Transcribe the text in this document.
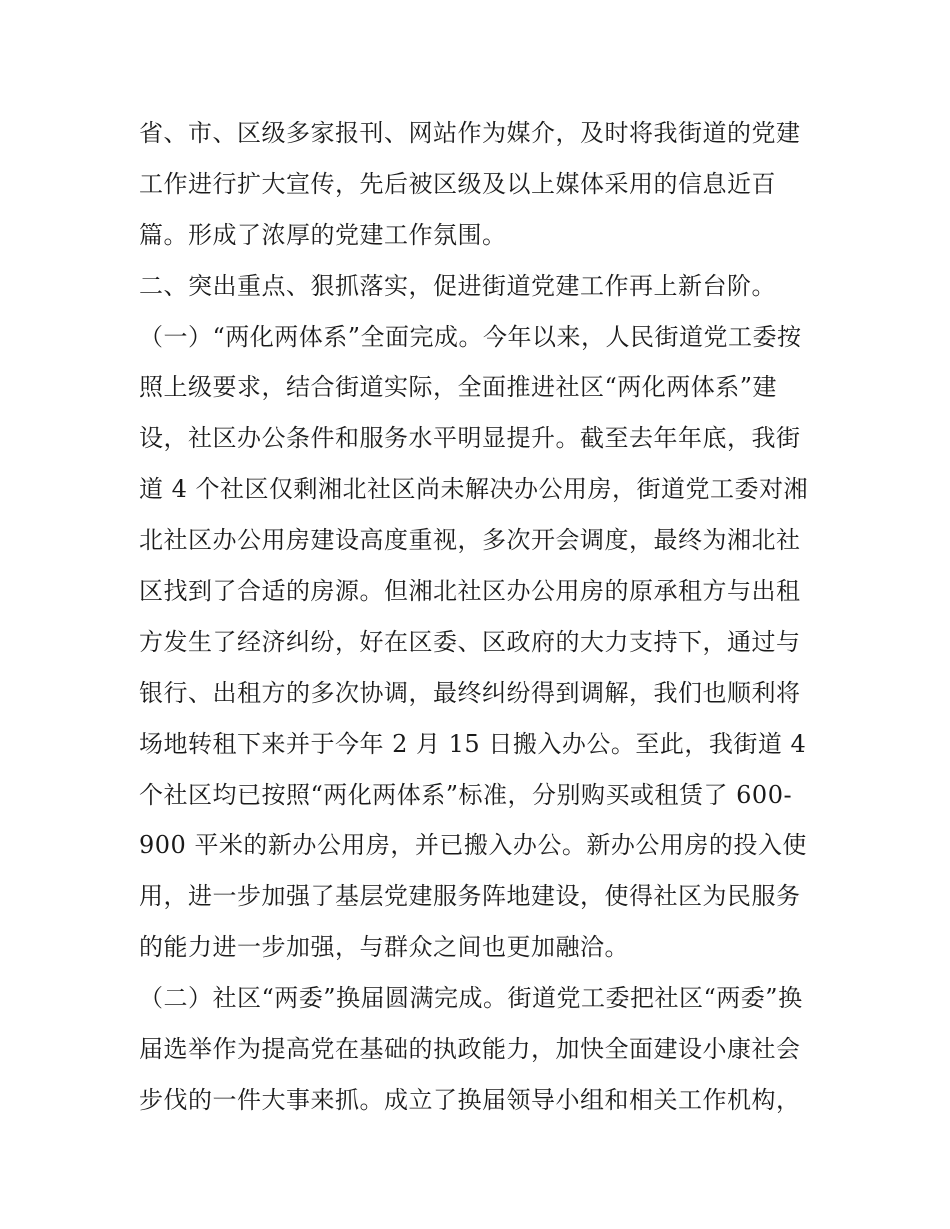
省、市、区级多家报刊、网站作为媒介，及时将我街道的党建
工作进行扩大宣传，先后被区级及以上媒体采用的信息近百
篇。形成了浓厚的党建工作氛围。
二、突出重点、狠抓落实，促进街道党建工作再上新台阶。
（一）“两化两体系”全面完成。今年以来，人民街道党工委按
照上级要求，结合街道实际，全面推进社区“两化两体系”建
设，社区办公条件和服务水平明显提升。截至去年年底，我街
道 4 个社区仅剩湘北社区尚未解决办公用房，街道党工委对湘
北社区办公用房建设高度重视，多次开会调度，最终为湘北社
区找到了合适的房源。但湘北社区办公用房的原承租方与出租
方发生了经济纠纷，好在区委、区政府的大力支持下，通过与
银行、出租方的多次协调，最终纠纷得到调解，我们也顺利将
场地转租下来并于今年 2 月 15 日搬入办公。至此，我街道 4
个社区均已按照“两化两体系”标准，分别购买或租赁了 600-
900 平米的新办公用房，并已搬入办公。新办公用房的投入使
用，进一步加强了基层党建服务阵地建设，使得社区为民服务
的能力进一步加强，与群众之间也更加融洽。
（二）社区“两委”换届圆满完成。街道党工委把社区“两委”换
届选举作为提高党在基础的执政能力，加快全面建设小康社会
步伐的一件大事来抓。成立了换届领导小组和相关工作机构，
